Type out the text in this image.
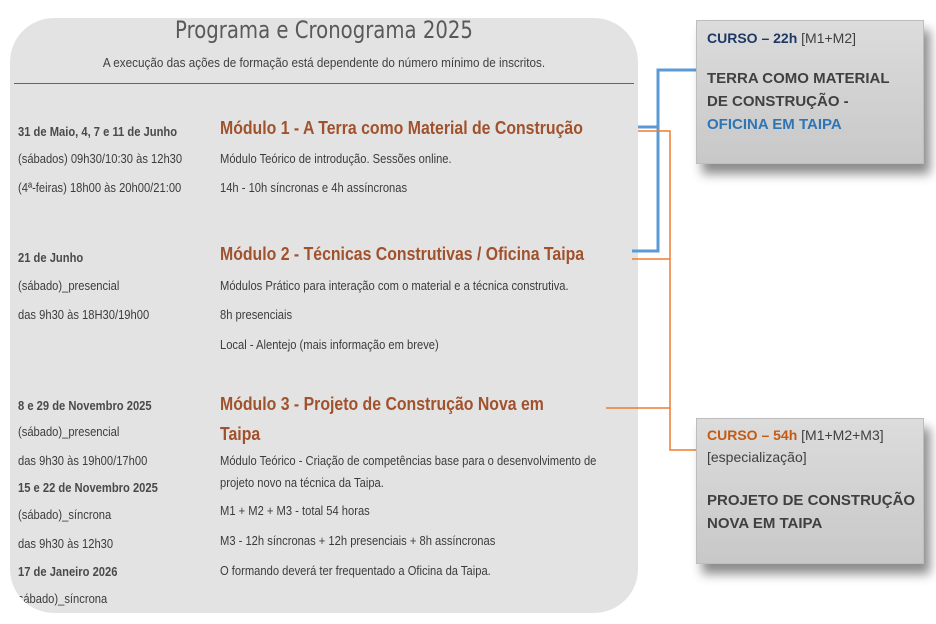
Programa e Cronograma 2025
A execução das ações de formação está dependente do número mínimo de inscritos.
31 de Maio, 4, 7 e 11 de Junho
(sábados) 09h30/10:30 às 12h30
(4ª-feiras) 18h00 às 20h00/21:00
Módulo 1 - A Terra como Material de Construção
Módulo Teórico de introdução. Sessões online.
14h - 10h síncronas e 4h assíncronas
21 de Junho
(sábado)_presencial
das 9h30 às 18H30/19h00
Módulo 2 - Técnicas Construtivas / Oficina Taipa
Módulos Prático para interação com o material e a técnica construtiva.
8h presenciais
Local - Alentejo (mais informação em breve)
8 e 29 de Novembro 2025
(sábado)_presencial
das 9h30 às 19h00/17h00
15 e 22 de Novembro 2025
(sábado)_síncrona
das 9h30 às 12h30
17 de Janeiro 2026
(sábado)_síncrona
Módulo 3 - Projeto de Construção Nova em
Taipa
Módulo Teórico - Criação de competências base para o desenvolvimento de
projeto novo na técnica da Taipa.
M1 + M2 + M3 - total 54 horas
M3 - 12h síncronas + 12h presenciais + 8h assíncronas
O formando deverá ter frequentado a Oficina da Taipa.
CURSO – 22h [M1+M2]
TERRA COMO MATERIAL
DE CONSTRUÇÃO -
OFICINA EM TAIPA
CURSO – 54h [M1+M2+M3]
[especialização]
PROJETO DE CONSTRUÇÃO
NOVA EM TAIPA
